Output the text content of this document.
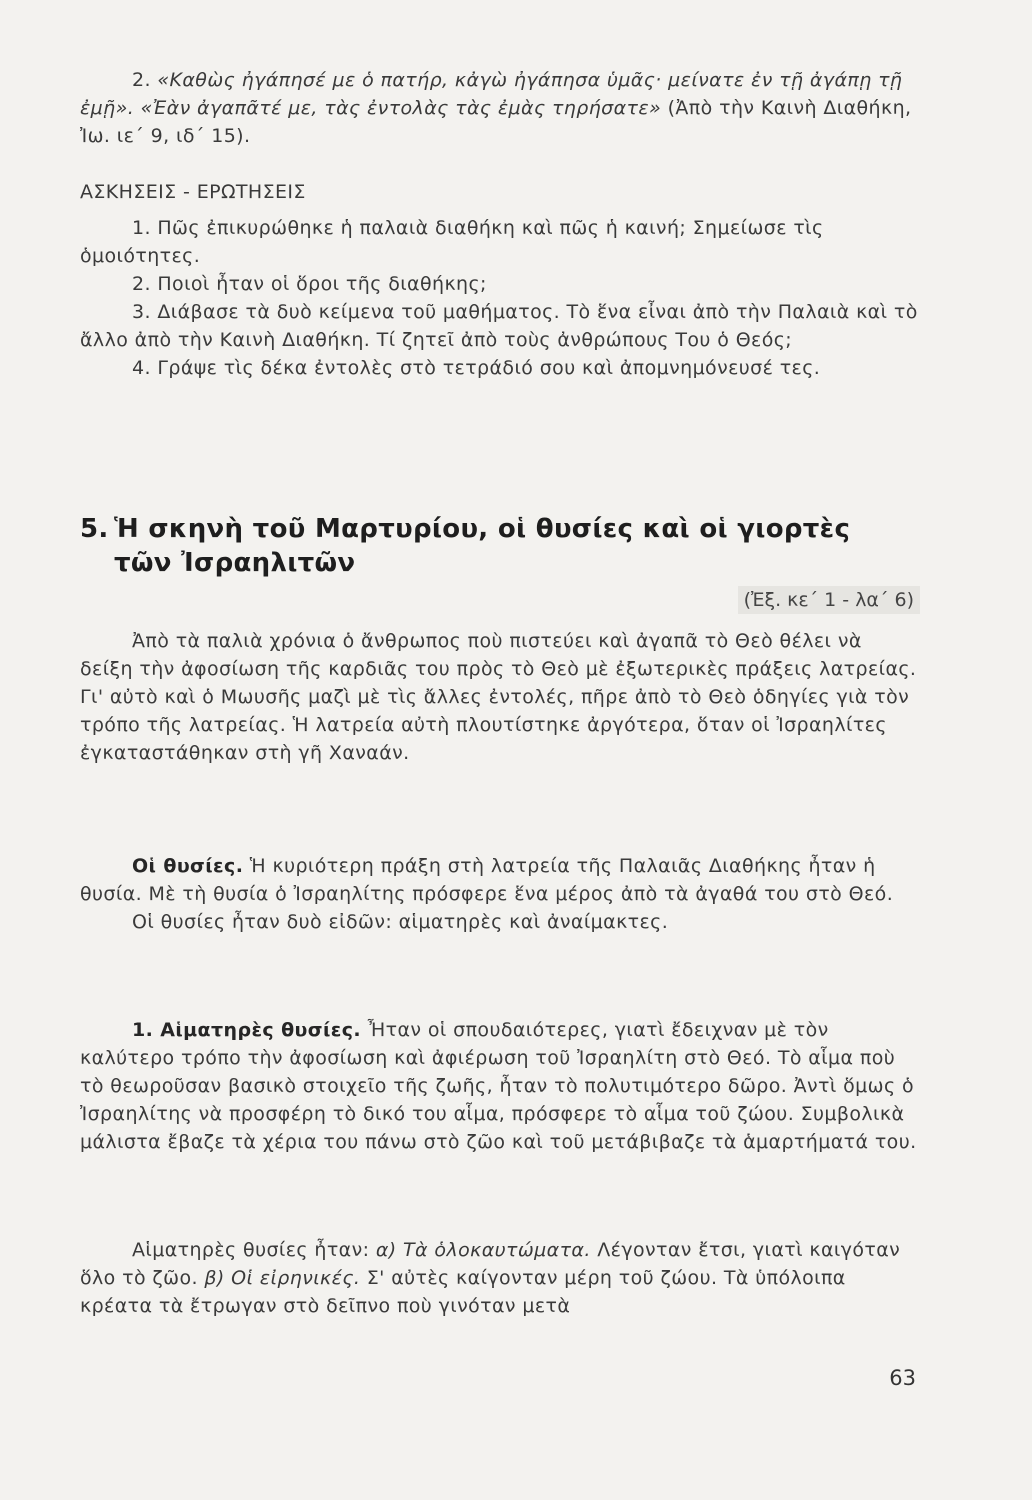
2. «Καθὼς ἠγάπησέ με ὁ πατήρ, κἀγὼ ἠγάπησα ὑμᾶς· μείνατε ἐν τῇ ἀγάπῃ τῇ ἐμῇ». «Ἐὰν ἀγαπᾶτέ με, τὰς ἐντολὰς τὰς ἐμὰς τηρήσατε» (Ἀπὸ τὴν Καινὴ Διαθήκη, Ἰω. ιε΄ 9, ιδ΄ 15).

ΑΣΚΗΣΕΙΣ - ΕΡΩΤΗΣΕΙΣ

1. Πῶς ἐπικυρώθηκε ἡ παλαιὰ διαθήκη καὶ πῶς ἡ καινή; Σημείωσε τὶς ὁμοιότητες.

2. Ποιοὶ ἦταν οἱ ὅροι τῆς διαθήκης;

3. Διάβασε τὰ δυὸ κείμενα τοῦ μαθήματος. Τὸ ἕνα εἶναι ἀπὸ τὴν Παλαιὰ καὶ τὸ ἄλλο ἀπὸ τὴν Καινὴ Διαθήκη. Τί ζητεῖ ἀπὸ τοὺς ἀνθρώπους Του ὁ Θεός;

4. Γράψε τὶς δέκα ἐντολὲς στὸ τετράδιό σου καὶ ἀπομνημόνευσέ τες.

5. Ἡ σκηνὴ τοῦ Μαρτυρίου, οἱ θυσίες καὶ οἱ γιορτὲς
τῶν Ἰσραηλιτῶν
(Ἐξ. κε΄ 1 - λα΄ 6)

Ἀπὸ τὰ παλιὰ χρόνια ὁ ἄνθρωπος ποὺ πιστεύει καὶ ἀγαπᾶ τὸ Θεὸ θέλει νὰ δείξη τὴν ἀφοσίωση τῆς καρδιᾶς του πρὸς τὸ Θεὸ μὲ ἐξωτερικὲς πράξεις λατρείας. Γι' αὐτὸ καὶ ὁ Μωυσῆς μαζὶ μὲ τὶς ἄλλες ἐντολές, πῆρε ἀπὸ τὸ Θεὸ ὁδηγίες γιὰ τὸν τρόπο τῆς λατρείας. Ἡ λατρεία αὐτὴ πλουτίστηκε ἀργότερα, ὅταν οἱ Ἰσραηλίτες ἐγκαταστάθηκαν στὴ γῆ Χαναάν.

Οἱ θυσίες. Ἡ κυριότερη πράξη στὴ λατρεία τῆς Παλαιᾶς Διαθήκης ἦταν ἡ θυσία. Μὲ τὴ θυσία ὁ Ἰσραηλίτης πρόσφερε ἕνα μέρος ἀπὸ τὰ ἀγαθά του στὸ Θεό.

Οἱ θυσίες ἦταν δυὸ εἰδῶν: αἱματηρὲς καὶ ἀναίμακτες.

1. Αἱματηρὲς θυσίες. Ἦταν οἱ σπουδαιότερες, γιατὶ ἔδειχναν μὲ τὸν καλύτερο τρόπο τὴν ἀφοσίωση καὶ ἀφιέρωση τοῦ Ἰσραηλίτη στὸ Θεό. Τὸ αἷμα ποὺ τὸ θεωροῦσαν βασικὸ στοιχεῖο τῆς ζωῆς, ἦταν τὸ πολυτιμότερο δῶρο. Ἀντὶ ὅμως ὁ Ἰσραηλίτης νὰ προσφέρη τὸ δικό του αἷμα, πρόσφερε τὸ αἷμα τοῦ ζώου. Συμβολικὰ μάλιστα ἔβαζε τὰ χέρια του πάνω στὸ ζῶο καὶ τοῦ μετάβιβαζε τὰ ἁμαρτήματά του.

Αἱματηρὲς θυσίες ἦταν: α) Τὰ ὁλοκαυτώματα. Λέγονταν ἔτσι, γιατὶ καιγόταν ὅλο τὸ ζῶο. β) Οἱ εἰρηνικές. Σ' αὐτὲς καίγονταν μέρη τοῦ ζώου. Τὰ ὑπόλοιπα κρέατα τὰ ἔτρωγαν στὸ δεῖπνο ποὺ γινόταν μετὰ

63
